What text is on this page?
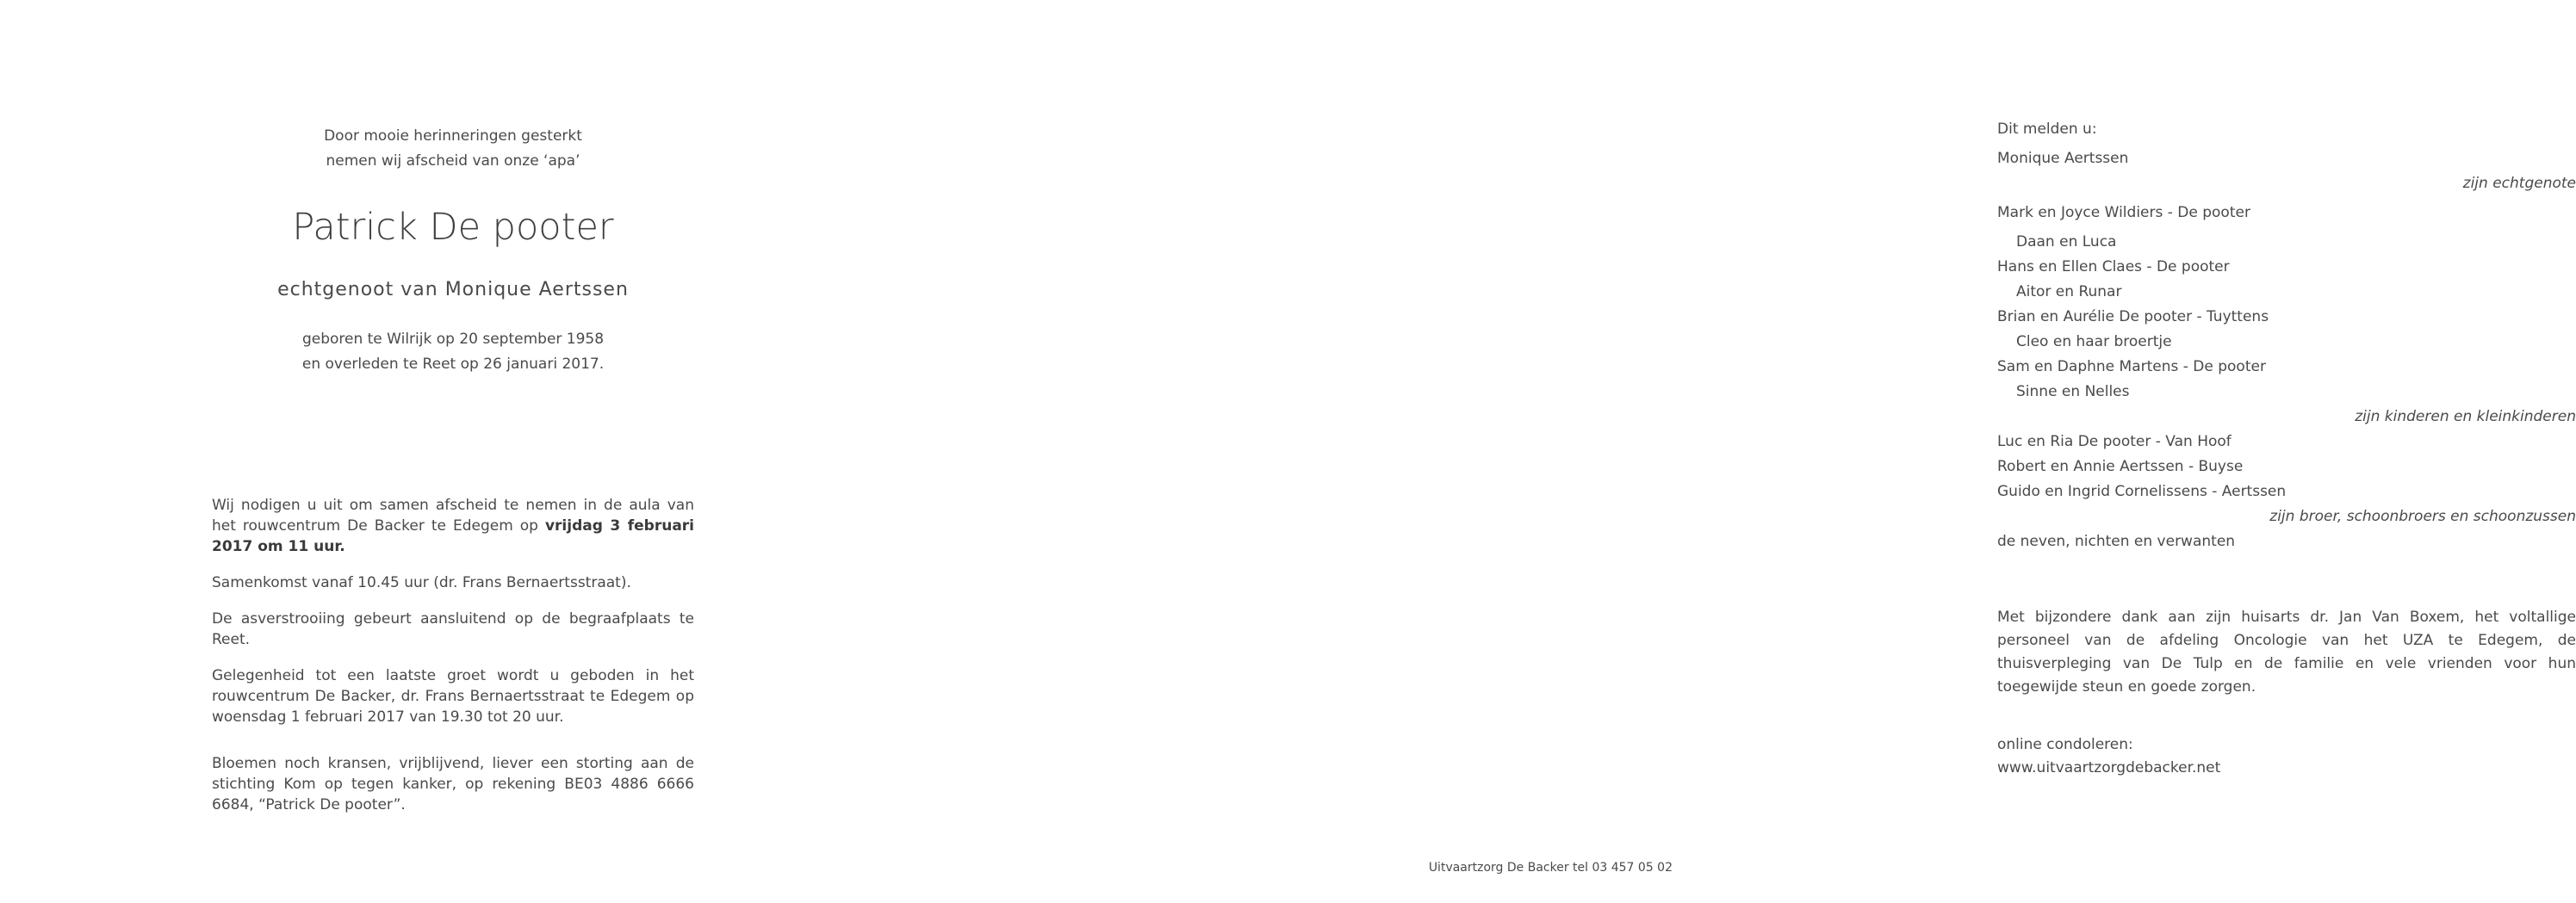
Door mooie herinneringen gesterkt
nemen wij afscheid van onze ‘apa’
Patrick De pooter
echtgenoot van Monique Aertssen
geboren te Wilrijk op 20 september 1958
en overleden te Reet op 26 januari 2017.

Wij nodigen u uit om samen afscheid te nemen in de aula van het rouwcentrum De Backer te Edegem op vrijdag 3 februari 2017 om 11 uur.

Samenkomst vanaf 10.45 uur (dr. Frans Bernaertsstraat).

De asverstrooiing gebeurt aansluitend op de begraafplaats te Reet.

Gelegenheid tot een laatste groet wordt u geboden in het rouwcentrum De Backer, dr. Frans Bernaertsstraat te Edegem op woensdag 1 februari 2017 van 19.30 tot 20 uur.

Bloemen noch kransen, vrijblijvend, liever een storting aan de stichting Kom op tegen kanker, op rekening BE03 4886 6666 6684, “Patrick De pooter”.

Dit melden u:
Monique Aertssen
zijn echtgenote
Mark en Joyce Wildiers - De pooter
Daan en Luca
Hans en Ellen Claes - De pooter
Aitor en Runar
Brian en Aurélie De pooter - Tuyttens
Cleo en haar broertje
Sam en Daphne Martens - De pooter
Sinne en Nelles
zijn kinderen en kleinkinderen
Luc en Ria De pooter - Van Hoof
Robert en Annie Aertssen - Buyse
Guido en Ingrid Cornelissens - Aertssen
zijn broer, schoonbroers en schoonzussen
de neven, nichten en verwanten
Met bijzondere dank aan zijn huisarts dr. Jan Van Boxem, het voltallige personeel van de afdeling Oncologie van het UZA te Edegem, de thuisverpleging van De Tulp en de familie en vele vrienden voor hun toegewijde steun en goede zorgen.
online condoleren: www.uitvaartzorgdebacker.net
Uitvaartzorg De Backer tel 03 457 05 02
